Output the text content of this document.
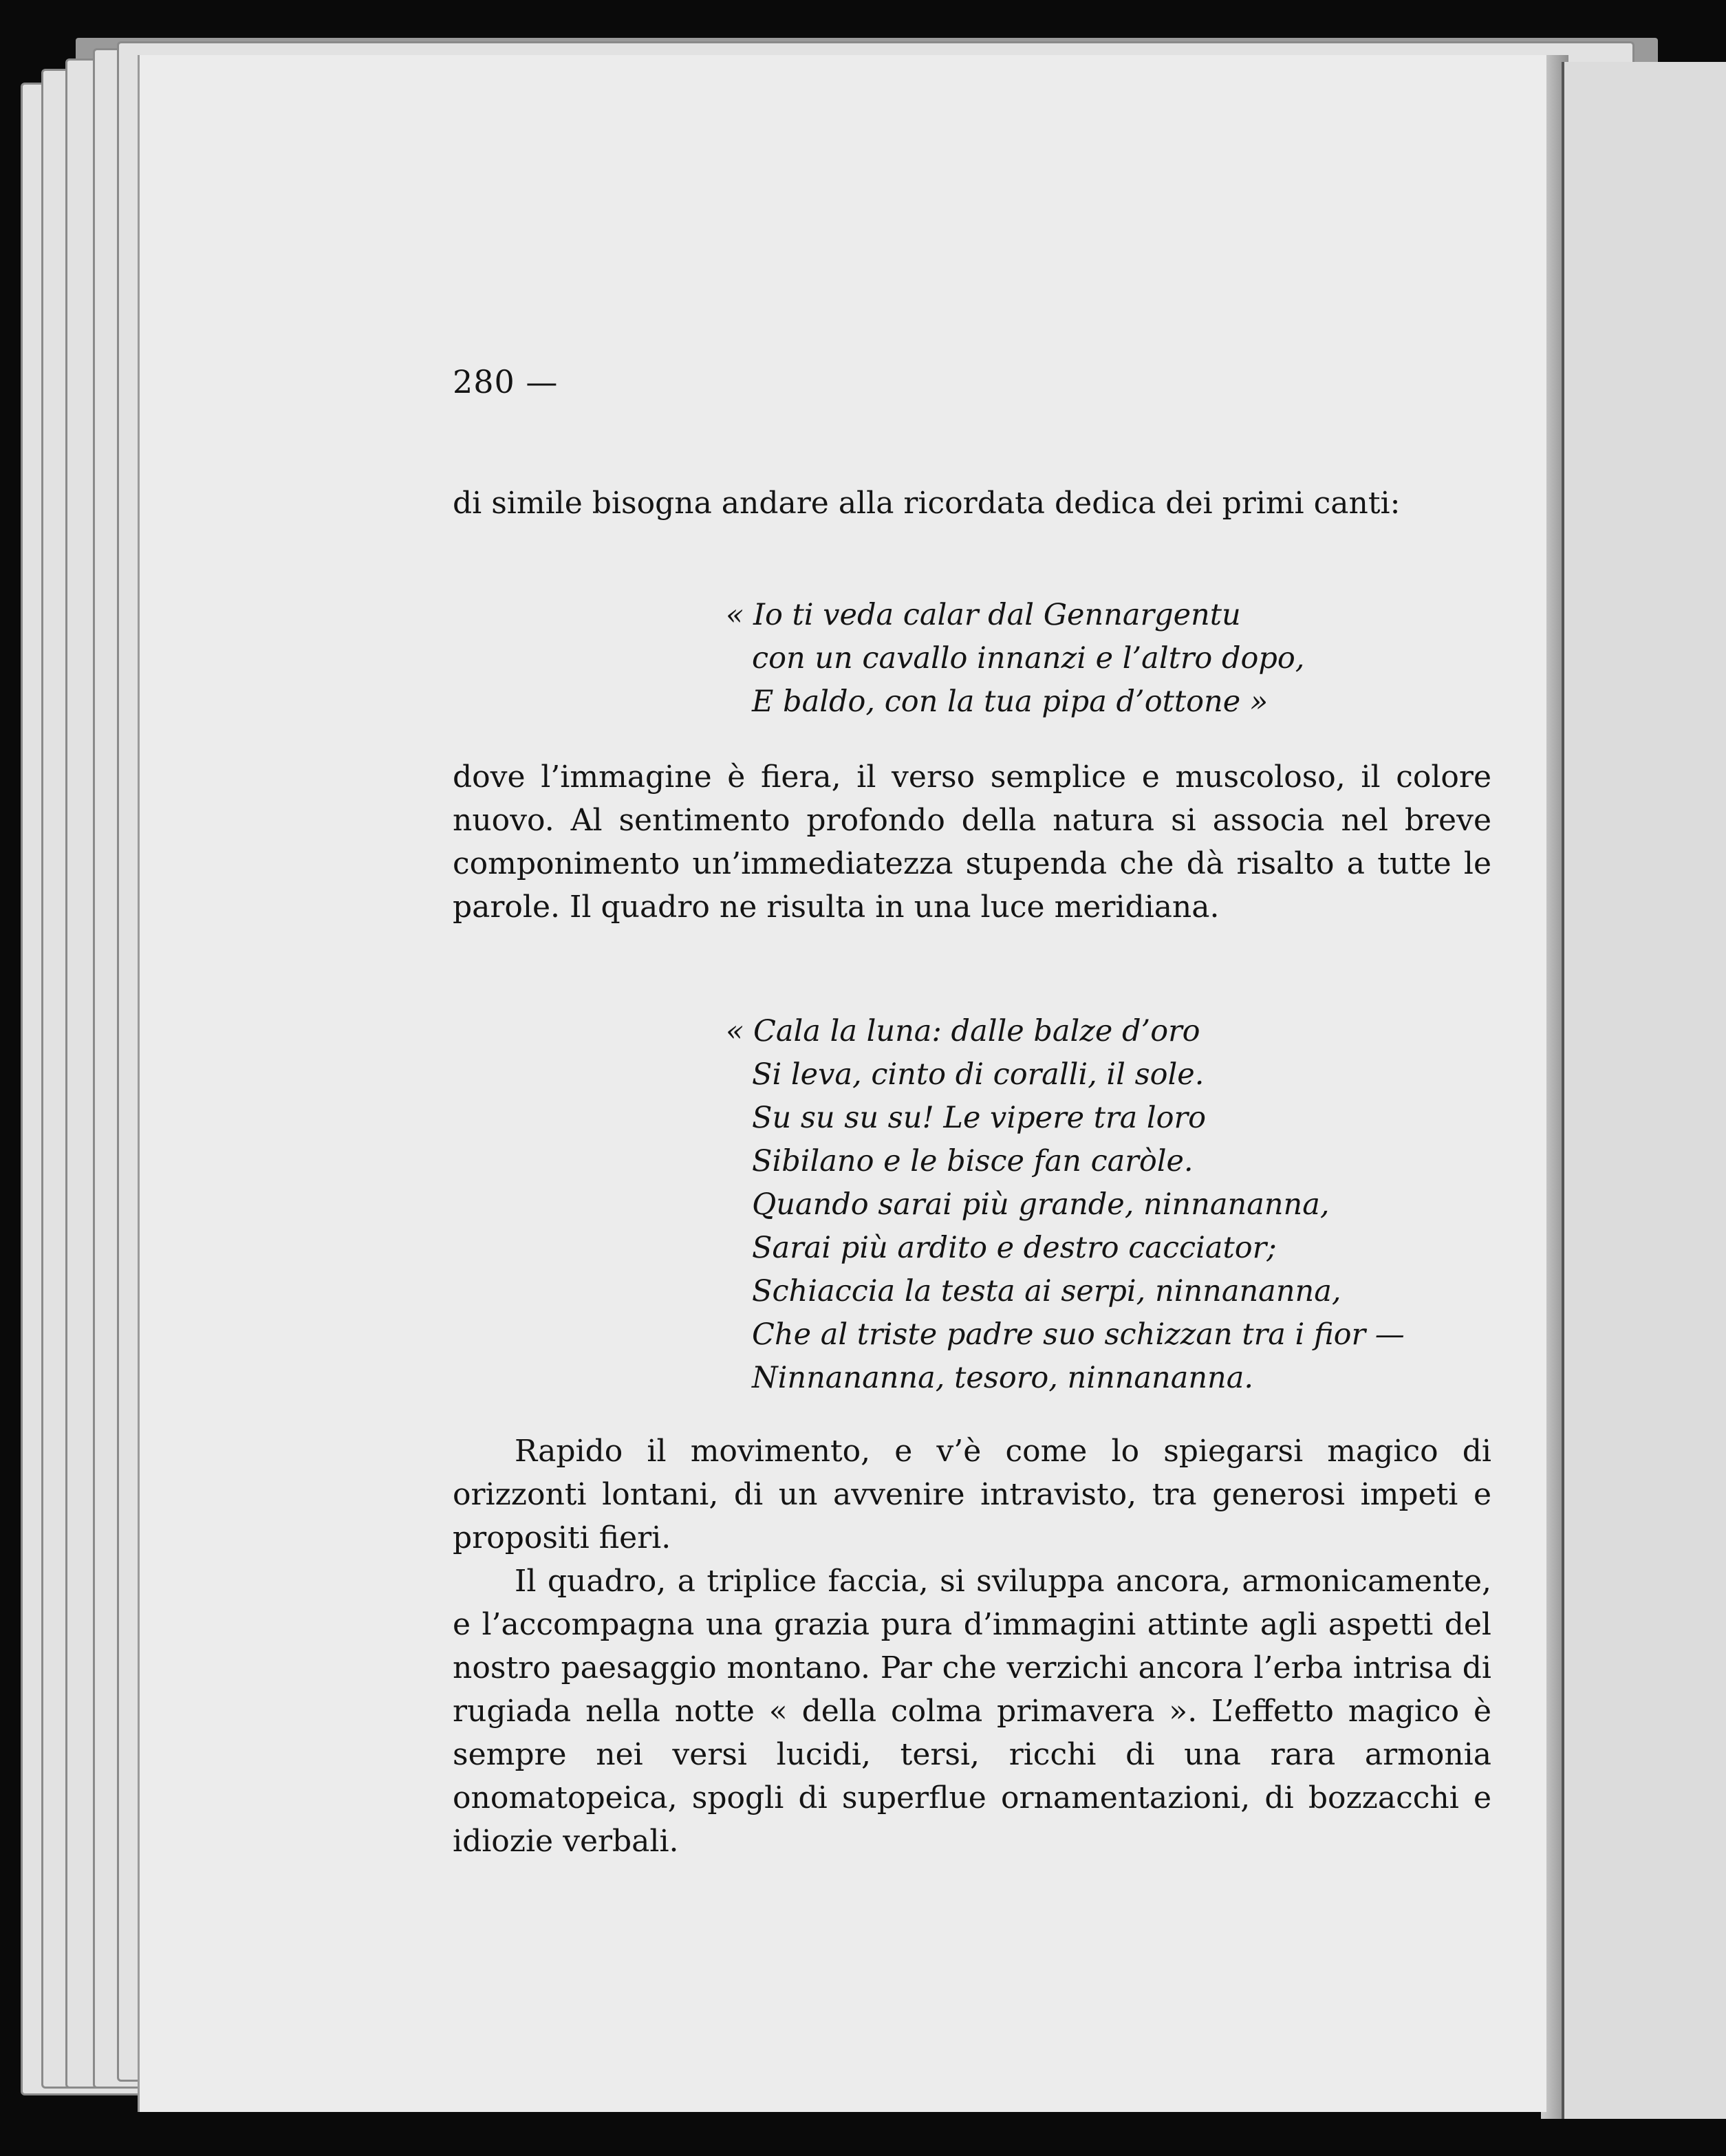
280 —

di simile bisogna andare alla ricordata dedica dei primi canti:

« Io ti veda calar dal Gennargentu
con un cavallo innanzi e l’altro dopo,
E baldo, con la tua pipa d’ottone »

dove l’immagine è fiera, il verso semplice e muscoloso, il colore nuovo. Al sentimento profondo della natura si associa nel breve componimento un’immediatezza stupenda che dà risalto a tutte le parole. Il quadro ne risulta in una luce meridiana.

« Cala la luna: dalle balze d’oro
Si leva, cinto di coralli, il sole.
Su su su su! Le vipere tra loro
Sibilano e le bisce fan caròle.
Quando sarai più grande, ninnananna,
Sarai più ardito e destro cacciator;
Schiaccia la testa ai serpi, ninnananna,
Che al triste padre suo schizzan tra i fior —
Ninnananna, tesoro, ninnananna.

Rapido il movimento, e v’è come lo spiegarsi magico di orizzonti lontani, di un avvenire intravisto, tra generosi impeti e propositi fieri.

Il quadro, a triplice faccia, si sviluppa ancora, armonicamente, e l’accompagna una grazia pura d’immagini attinte agli aspetti del nostro paesaggio montano. Par che verzichi ancora l’erba intrisa di rugiada nella notte « della colma primavera ». L’effetto magico è sempre nei versi lucidi, tersi, ricchi di una rara armonia onomatopeica, spogli di superflue ornamentazioni, di bozzacchi e idiozie verbali.
